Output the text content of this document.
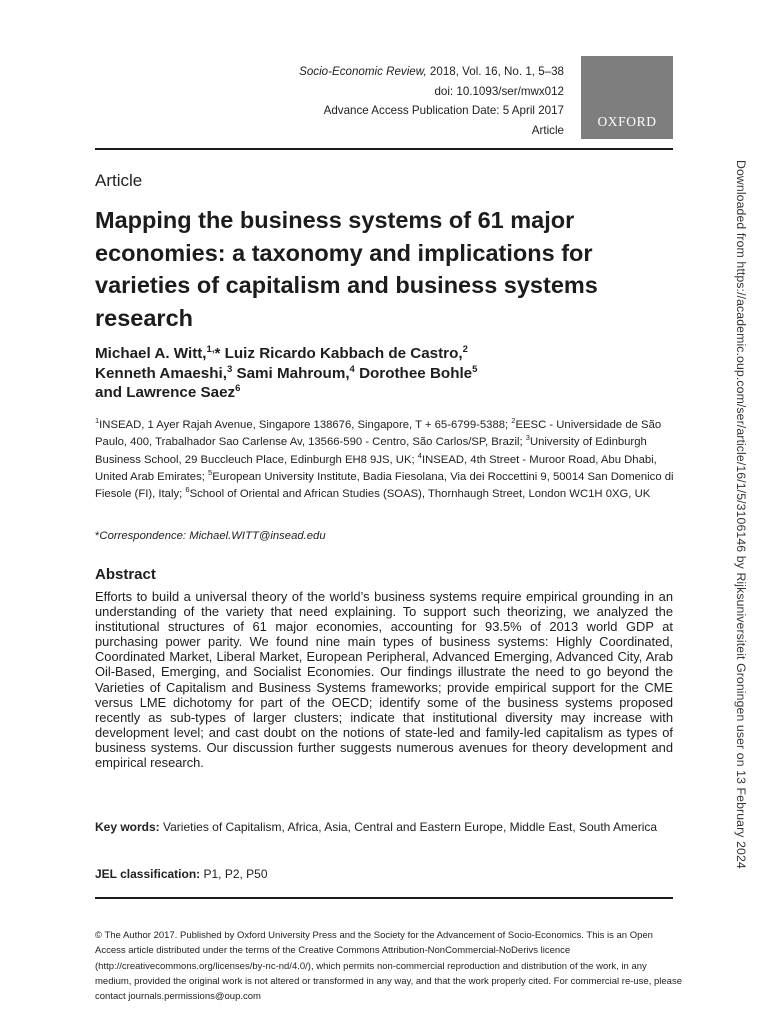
Socio-Economic Review, 2018, Vol. 16, No. 1, 5–38
doi: 10.1093/ser/mwx012
Advance Access Publication Date: 5 April 2017
Article
OXFORD
Article
Mapping the business systems of 61 major economies: a taxonomy and implications for varieties of capitalism and business systems research
Michael A. Witt,$^{1,}$* Luiz Ricardo Kabbach de Castro,$^2$
Kenneth Amaeshi,$^3$ Sami Mahroum,$^4$ Dorothee Bohle$^5$
and Lawrence Saez$^6$
$^1$INSEAD, 1 Ayer Rajah Avenue, Singapore 138676, Singapore, T + 65-6799-5388; $^2$EESC - Universidade de São Paulo, 400, Trabalhador Sao Carlense Av, 13566-590 - Centro, São Carlos/SP, Brazil; $^3$University of Edinburgh Business School, 29 Buccleuch Place, Edinburgh EH8 9JS, UK; $^4$INSEAD, 4th Street - Muroor Road, Abu Dhabi, United Arab Emirates; $^5$European University Institute, Badia Fiesolana, Via dei Roccettini 9, 50014 San Domenico di Fiesole (FI), Italy; $^6$School of Oriental and African Studies (SOAS), Thornhaugh Street, London WC1H 0XG, UK
*Correspondence: Michael.WITT@insead.edu
Abstract

Efforts to build a universal theory of the world’s business systems require empirical grounding in an understanding of the variety that need explaining. To support such theorizing, we analyzed the institutional structures of 61 major economies, accounting for 93.5% of 2013 world GDP at purchasing power parity. We found nine main types of business systems: Highly Coordinated, Coordinated Market, Liberal Market, European Peripheral, Advanced Emerging, Advanced City, Arab Oil-Based, Emerging, and Socialist Economies. Our findings illustrate the need to go beyond the Varieties of Capitalism and Business Systems frameworks; provide empirical support for the CME versus LME dichotomy for part of the OECD; identify some of the business systems proposed recently as sub-types of larger clusters; indicate that institutional diversity may increase with development level; and cast doubt on the notions of state-led and family-led capitalism as types of business systems. Our discussion further suggests numerous avenues for theory development and empirical research.

Key words: Varieties of Capitalism, Africa, Asia, Central and Eastern Europe, Middle East, South America
JEL classification: P1, P2, P50
© The Author 2017. Published by Oxford University Press and the Society for the Advancement of Socio-Economics. This is an Open Access article distributed under the terms of the Creative Commons Attribution-NonCommercial-NoDerivs licence (http://creativecommons.org/licenses/by-nc-nd/4.0/), which permits non-commercial reproduction and distribution of the work, in any medium, provided the original work is not altered or transformed in any way, and that the work properly cited. For commercial re-use, please contact journals.permissions@oup.com
Downloaded from https://academic.oup.com/ser/article/16/1/5/3106146 by Rijksuniversiteit Groningen user on 13 February 2024
